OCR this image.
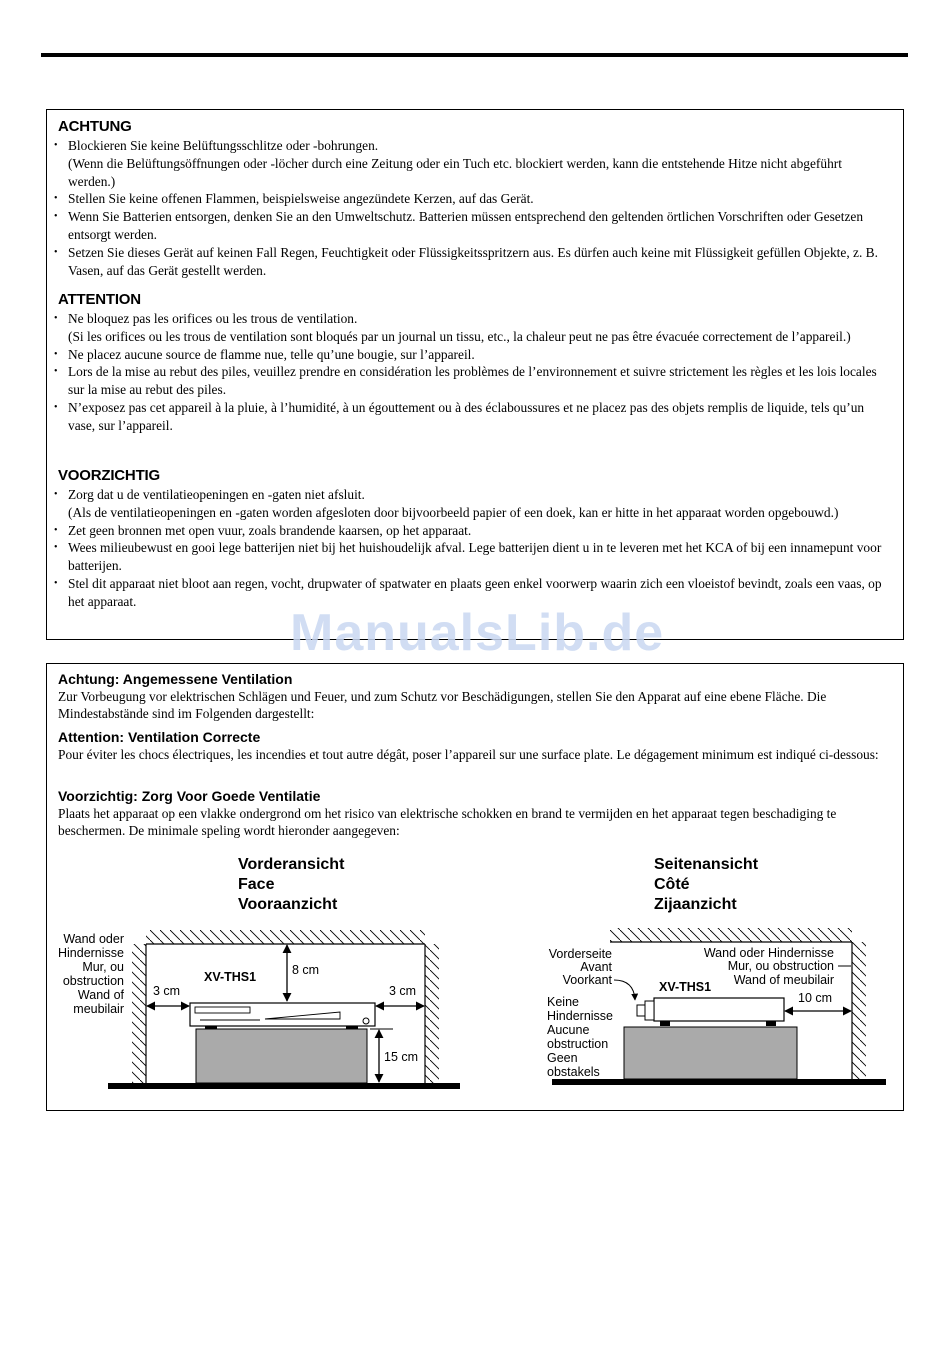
ACHTUNG
• Blockieren Sie keine Belüftungsschlitze oder -bohrungen.
(Wenn die Belüftungsöffnungen oder -löcher durch eine Zeitung oder ein Tuch etc. blockiert werden, kann die entstehende Hitze nicht abgeführt werden.)
• Stellen Sie keine offenen Flammen, beispielsweise angezündete Kerzen, auf das Gerät.
• Wenn Sie Batterien entsorgen, denken Sie an den Umweltschutz. Batterien müssen entsprechend den geltenden örtlichen Vorschriften oder Gesetzen entsorgt werden.
• Setzen Sie dieses Gerät auf keinen Fall Regen, Feuchtigkeit oder Flüssigkeitsspritzern aus. Es dürfen auch keine mit Flüssigkeit gefüllen Objekte, z. B. Vasen, auf das Gerät gestellt werden.
ATTENTION
• Ne bloquez pas les orifices ou les trous de ventilation.
(Si les orifices ou les trous de ventilation sont bloqués par un journal un tissu, etc., la chaleur peut ne pas être évacuée correctement de l’appareil.)
• Ne placez aucune source de flamme nue, telle qu’une bougie, sur l’appareil.
• Lors de la mise au rebut des piles, veuillez prendre en considération les problèmes de l’environnement et suivre strictement les règles et les lois locales sur la mise au rebut des piles.
• N’exposez pas cet appareil à la pluie, à l’humidité, à un égouttement ou à des éclaboussures et ne placez pas des objets remplis de liquide, tels qu’un vase, sur l’appareil.
VOORZICHTIG
• Zorg dat u de ventilatieopeningen en -gaten niet afsluit.
(Als de ventilatieopeningen en -gaten worden afgesloten door bijvoorbeeld papier of een doek, kan er hitte in het apparaat worden opgebouwd.)
• Zet geen bronnen met open vuur, zoals brandende kaarsen, op het apparaat.
• Wees milieubewust en gooi lege batterijen niet bij het huishoudelijk afval. Lege batterijen dient u in te leveren met het KCA of bij een innamepunt voor batterijen.
• Stel dit apparaat niet bloot aan regen, vocht, drupwater of spatwater en plaats geen enkel voorwerp waarin zich een vloeistof bevindt, zoals een vaas, op het apparaat.
ManualsLib.de
Achtung: Angemessene Ventilation
Zur Vorbeugung vor elektrischen Schlägen und Feuer, und zum Schutz vor Beschädigungen, stellen Sie den Apparat auf eine ebene Fläche. Die Mindestabstände sind im Folgenden dargestellt:
Attention: Ventilation Correcte
Pour éviter les chocs électriques, les incendies et tout autre dégât, poser l’appareil sur une surface plate. Le dégagement minimum est indiqué ci-dessous:
Voorzichtig: Zorg Voor Goede Ventilatie
Plaats het apparaat op een vlakke ondergrond om het risico van elektrische schokken en brand te vermijden en het apparaat tegen beschadiging te beschermen. De minimale speling wordt hieronder aangegeven:
Vorderansicht
Face
Vooraanzicht
XV-THS1	8 cm
3 cm	3 cm
15 cm
Wand oder
Hindernisse
Mur, ou
obstruction
Wand of
meubilair
Seitenansicht
Côté
Zijaanzicht
XV-THS1
10 cm
Vorderseite
Avant
Voorkant
Wand oder Hindernisse
Mur, ou obstruction
Wand of meubilair
Keine
Hindernisse
Aucune
obstruction
Geen
obstakels
